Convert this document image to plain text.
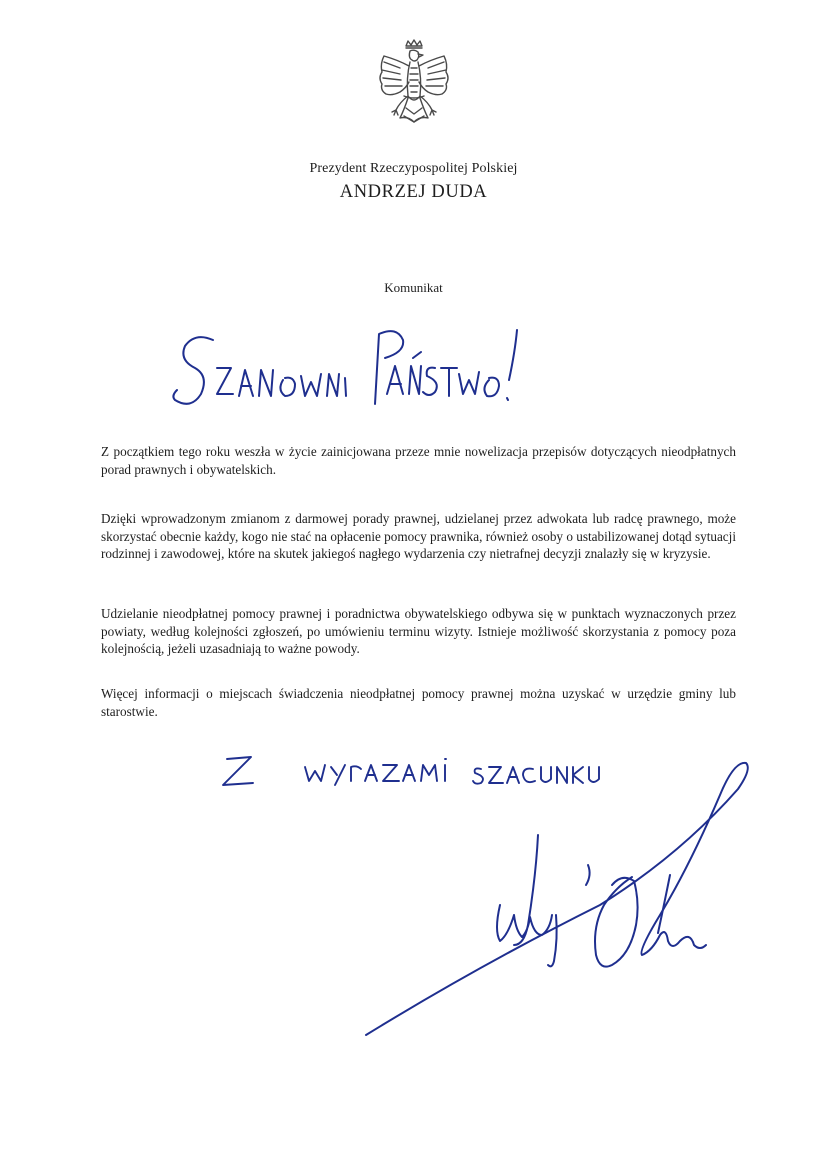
Prezydent Rzeczypospolitej Polskiej
ANDRZEJ DUDA
Komunikat

Z początkiem tego roku weszła w życie zainicjowana przeze mnie nowelizacja przepisów dotyczących nieodpłatnych porad prawnych i obywatelskich.

Dzięki wprowadzonym zmianom z darmowej porady prawnej, udzielanej przez adwokata lub radcę prawnego, może skorzystać obecnie każdy, kogo nie stać na opłacenie pomocy prawnika, również osoby o ustabilizowanej dotąd sytuacji rodzinnej i zawodowej, które na skutek jakiegoś nagłego wydarzenia czy nietrafnej decyzji znalazły się w kryzysie.

Udzielanie nieodpłatnej pomocy prawnej i poradnictwa obywatelskiego odbywa się w punktach wyznaczonych przez powiaty, według kolejności zgłoszeń, po umówieniu terminu wizyty. Istnieje możliwość skorzystania z pomocy poza kolejnością, jeżeli uzasadniają to ważne powody.

Więcej informacji o miejscach świadczenia nieodpłatnej pomocy prawnej można uzyskać w urzędzie gminy lub starostwie.
